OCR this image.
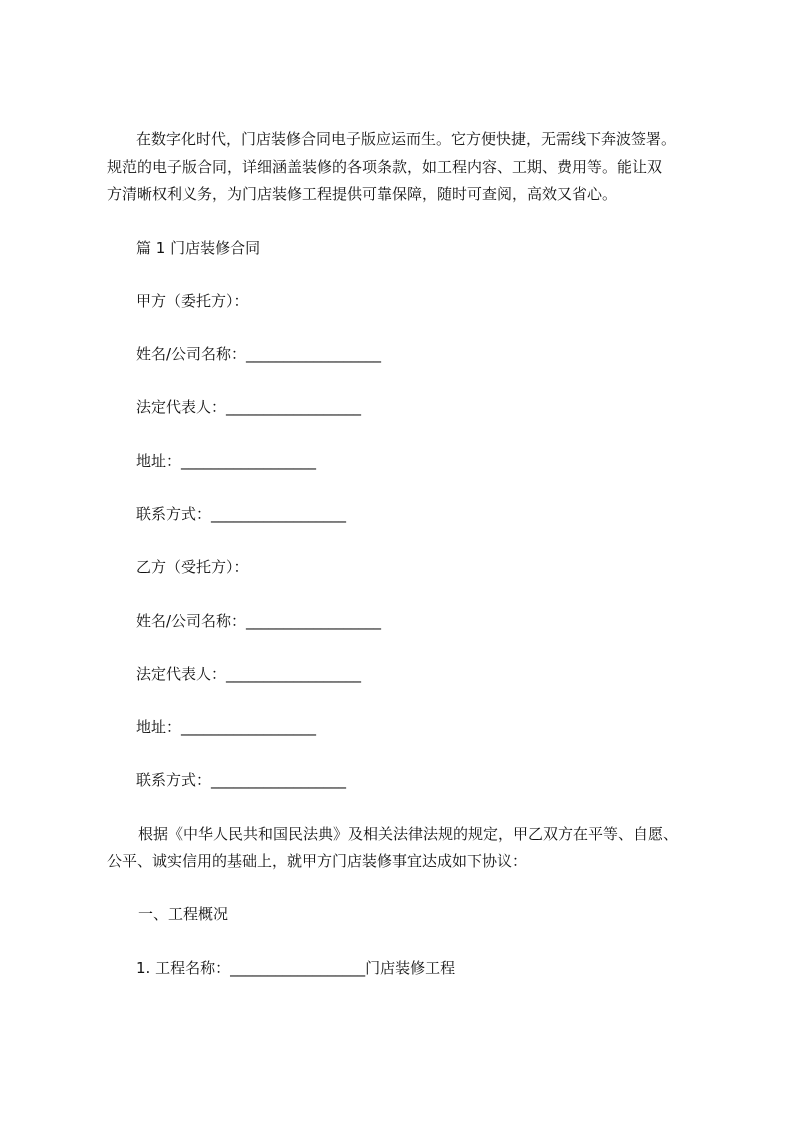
在数字化时代，门店装修合同电子版应运而生。它方便快捷，无需线下奔波签署。

规范的电子版合同，详细涵盖装修的各项条款，如工程内容、工期、费用等。能让双

方清晰权利义务，为门店装修工程提供可靠保障，随时可查阅，高效又省心。

篇 1 门店装修合同

甲方（委托方）：

姓名/公司名称：__________________

法定代表人：__________________

地址：__________________

联系方式：__________________

乙方（受托方）：

姓名/公司名称：__________________

法定代表人：__________________

地址：__________________

联系方式：__________________

根据《中华人民共和国民法典》及相关法律法规的规定，甲乙双方在平等、自愿、

公平、诚实信用的基础上，就甲方门店装修事宜达成如下协议：

一、工程概况

1. 工程名称：__________________门店装修工程
